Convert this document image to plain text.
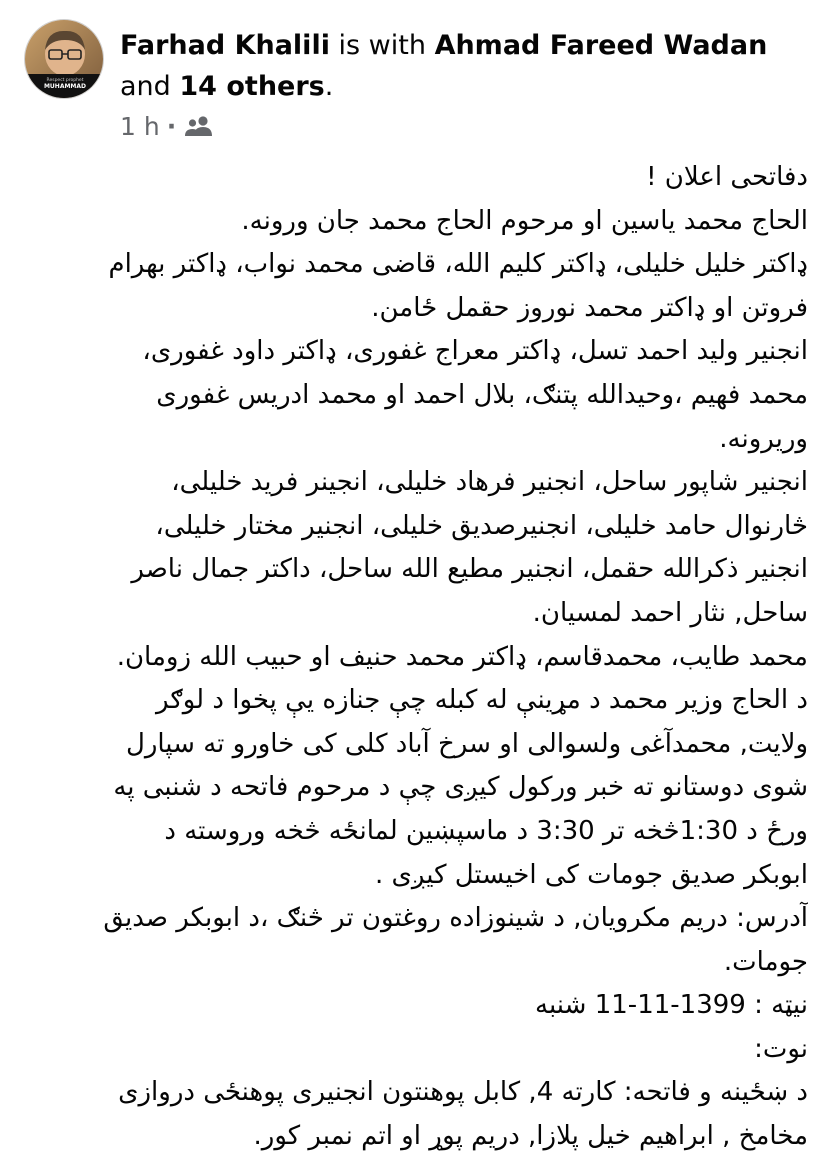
Respect prophet
MUHAMMAD
Farhad Khalili is with Ahmad Fareed Wadan
and 14 others.
1 h ·

دفاتحی اعلان !

الحاج محمد یاسین او مرحوم الحاج محمد جان ورونه.

ډاکتر خلیل خلیلی، ډاکتر کلیم الله، قاضی محمد نواب، ډاکتر بهرام

فروتن او ډاکتر محمد نوروز حقمل ځامن.

انجنیر ولید احمد تسل، ډاکتر معراج غفوری، ډاکتر داود غفوری،

محمد فهیم ،وحیدالله پتنګ، بلال احمد او محمد ادریس غفوری

وریرونه.

انجنیر شاپور ساحل، انجنیر فرهاد خلیلی، انجینر فرید خلیلی،

څارنوال حامد خلیلی، انجنیرصدیق خلیلی، انجنیر مختار خلیلی،

انجنیر ذکرالله حقمل، انجنیر مطیع الله ساحل، داکتر جمال ناصر

ساحل, نثار احمد لمسیان.

محمد طایب، محمدقاسم، ډاکتر محمد حنیف او حبیب الله زومان.

د الحاج وزیر محمد د مړینې له کبله چې جنازه یې پخوا د لوګر

ولایت, محمدآغی ولسوالی او سرخ آباد کلی کی خاورو ته سپارل

شوی دوستانو ته خبر ورکول کیږی چې د مرحوم فاتحه د شنبی په

ورځ د 1:30څخه تر 3:30 د ماسپښین لمانځه څخه وروسته د

ابوبکر صدیق جومات کی اخیستل کیږی .

آدرس: دریم مکرویان, د شینوزاده روغتون تر څنګ ،د ابوبکر صدیق

جومات.

نیټه : 1399-11-11 شنبه

نوت:

د ښځینه و فاتحه: کارته 4, کابل پوهنتون انجنیری پوهنځی دروازی

مخامخ , ابراهیم خیل پلازا, دریم پوړ او اتم نمبر کور.
